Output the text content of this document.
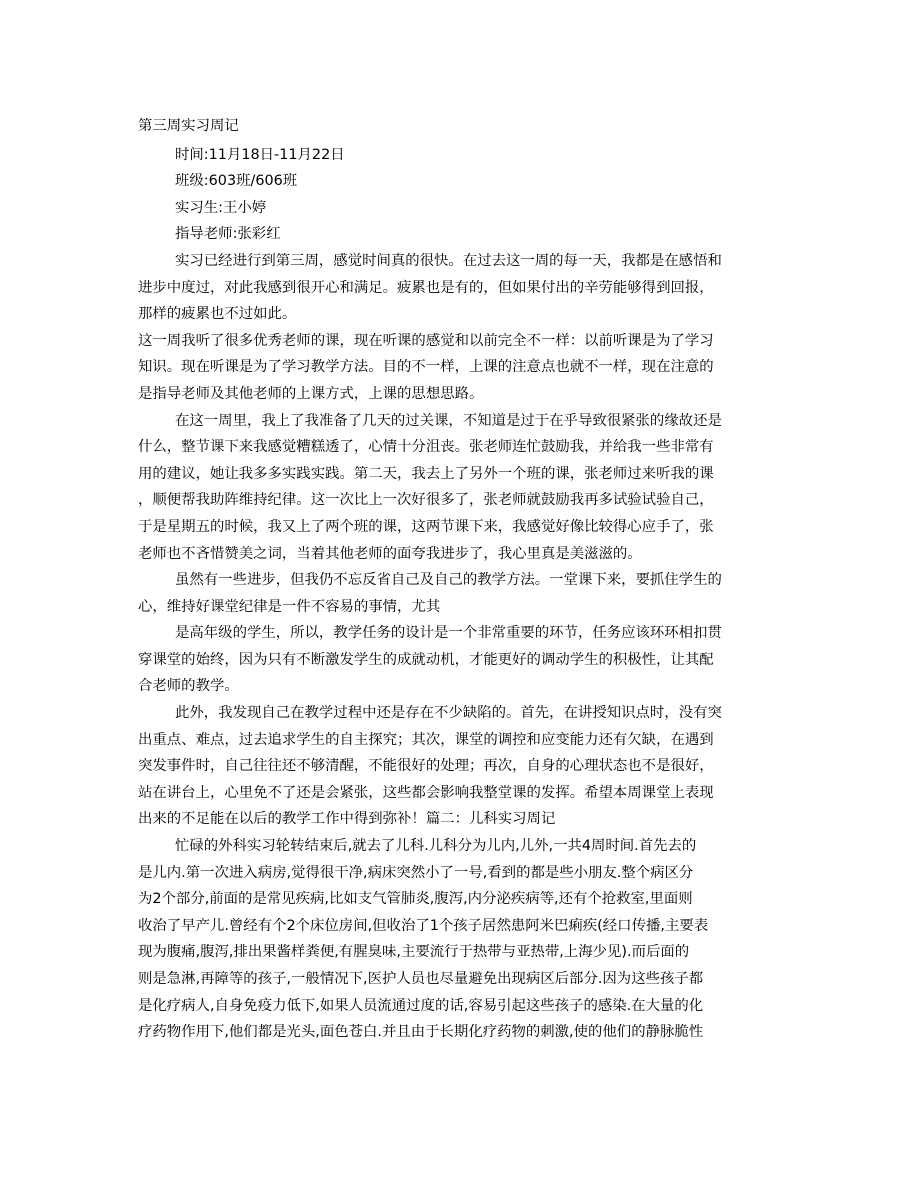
第三周实习周记
时间:11月18日-11月22日
班级:603班/606班
实习生:王小婷
指导老师:张彩红
实习已经进行到第三周，感觉时间真的很快。在过去这一周的每一天，我都是在感悟和
进步中度过，对此我感到很开心和满足。疲累也是有的，但如果付出的辛劳能够得到回报，
那样的疲累也不过如此。
这一周我听了很多优秀老师的课，现在听课的感觉和以前完全不一样：以前听课是为了学习
知识。现在听课是为了学习教学方法。目的不一样，上课的注意点也就不一样，现在注意的
是指导老师及其他老师的上课方式，上课的思想思路。
在这一周里，我上了我准备了几天的过关课，不知道是过于在乎导致很紧张的缘故还是
什么，整节课下来我感觉糟糕透了，心情十分沮丧。张老师连忙鼓励我，并给我一些非常有
用的建议，她让我多多实践实践。第二天，我去上了另外一个班的课，张老师过来听我的课
，顺便帮我助阵维持纪律。这一次比上一次好很多了，张老师就鼓励我再多试验试验自己，
于是星期五的时候，我又上了两个班的课，这两节课下来，我感觉好像比较得心应手了，张
老师也不吝惜赞美之词，当着其他老师的面夸我进步了，我心里真是美滋滋的。
虽然有一些进步，但我仍不忘反省自己及自己的教学方法。一堂课下来，要抓住学生的
心，维持好课堂纪律是一件不容易的事情，尤其
是高年级的学生，所以，教学任务的设计是一个非常重要的环节，任务应该环环相扣贯
穿课堂的始终，因为只有不断激发学生的成就动机，才能更好的调动学生的积极性，让其配
合老师的教学。
此外，我发现自己在教学过程中还是存在不少缺陷的。首先，在讲授知识点时，没有突
出重点、难点，过去追求学生的自主探究；其次，课堂的调控和应变能力还有欠缺，在遇到
突发事件时，自己往往还不够清醒，不能很好的处理；再次，自身的心理状态也不是很好，
站在讲台上，心里免不了还是会紧张，这些都会影响我整堂课的发挥。希望本周课堂上表现
出来的不足能在以后的教学工作中得到弥补！篇二：儿科实习周记
忙碌的外科实习轮转结束后,就去了儿科.儿科分为儿内,儿外,一共4周时间.首先去的
是儿内.第一次进入病房,觉得很干净,病床突然小了一号,看到的都是些小朋友.整个病区分
为2个部分,前面的是常见疾病,比如支气管肺炎,腹泻,内分泌疾病等,还有个抢救室,里面则
收治了早产儿.曾经有个2个床位房间,但收治了1个孩子居然患阿米巴痢疾(经口传播,主要表
现为腹痛,腹泻,排出果酱样粪便,有腥臭味,主要流行于热带与亚热带,上海少见).而后面的
则是急淋,再障等的孩子,一般情况下,医护人员也尽量避免出现病区后部分.因为这些孩子都
是化疗病人,自身免疫力低下,如果人员流通过度的话,容易引起这些孩子的感染.在大量的化
疗药物作用下,他们都是光头,面色苍白.并且由于长期化疗药物的刺激,使的他们的静脉脆性
